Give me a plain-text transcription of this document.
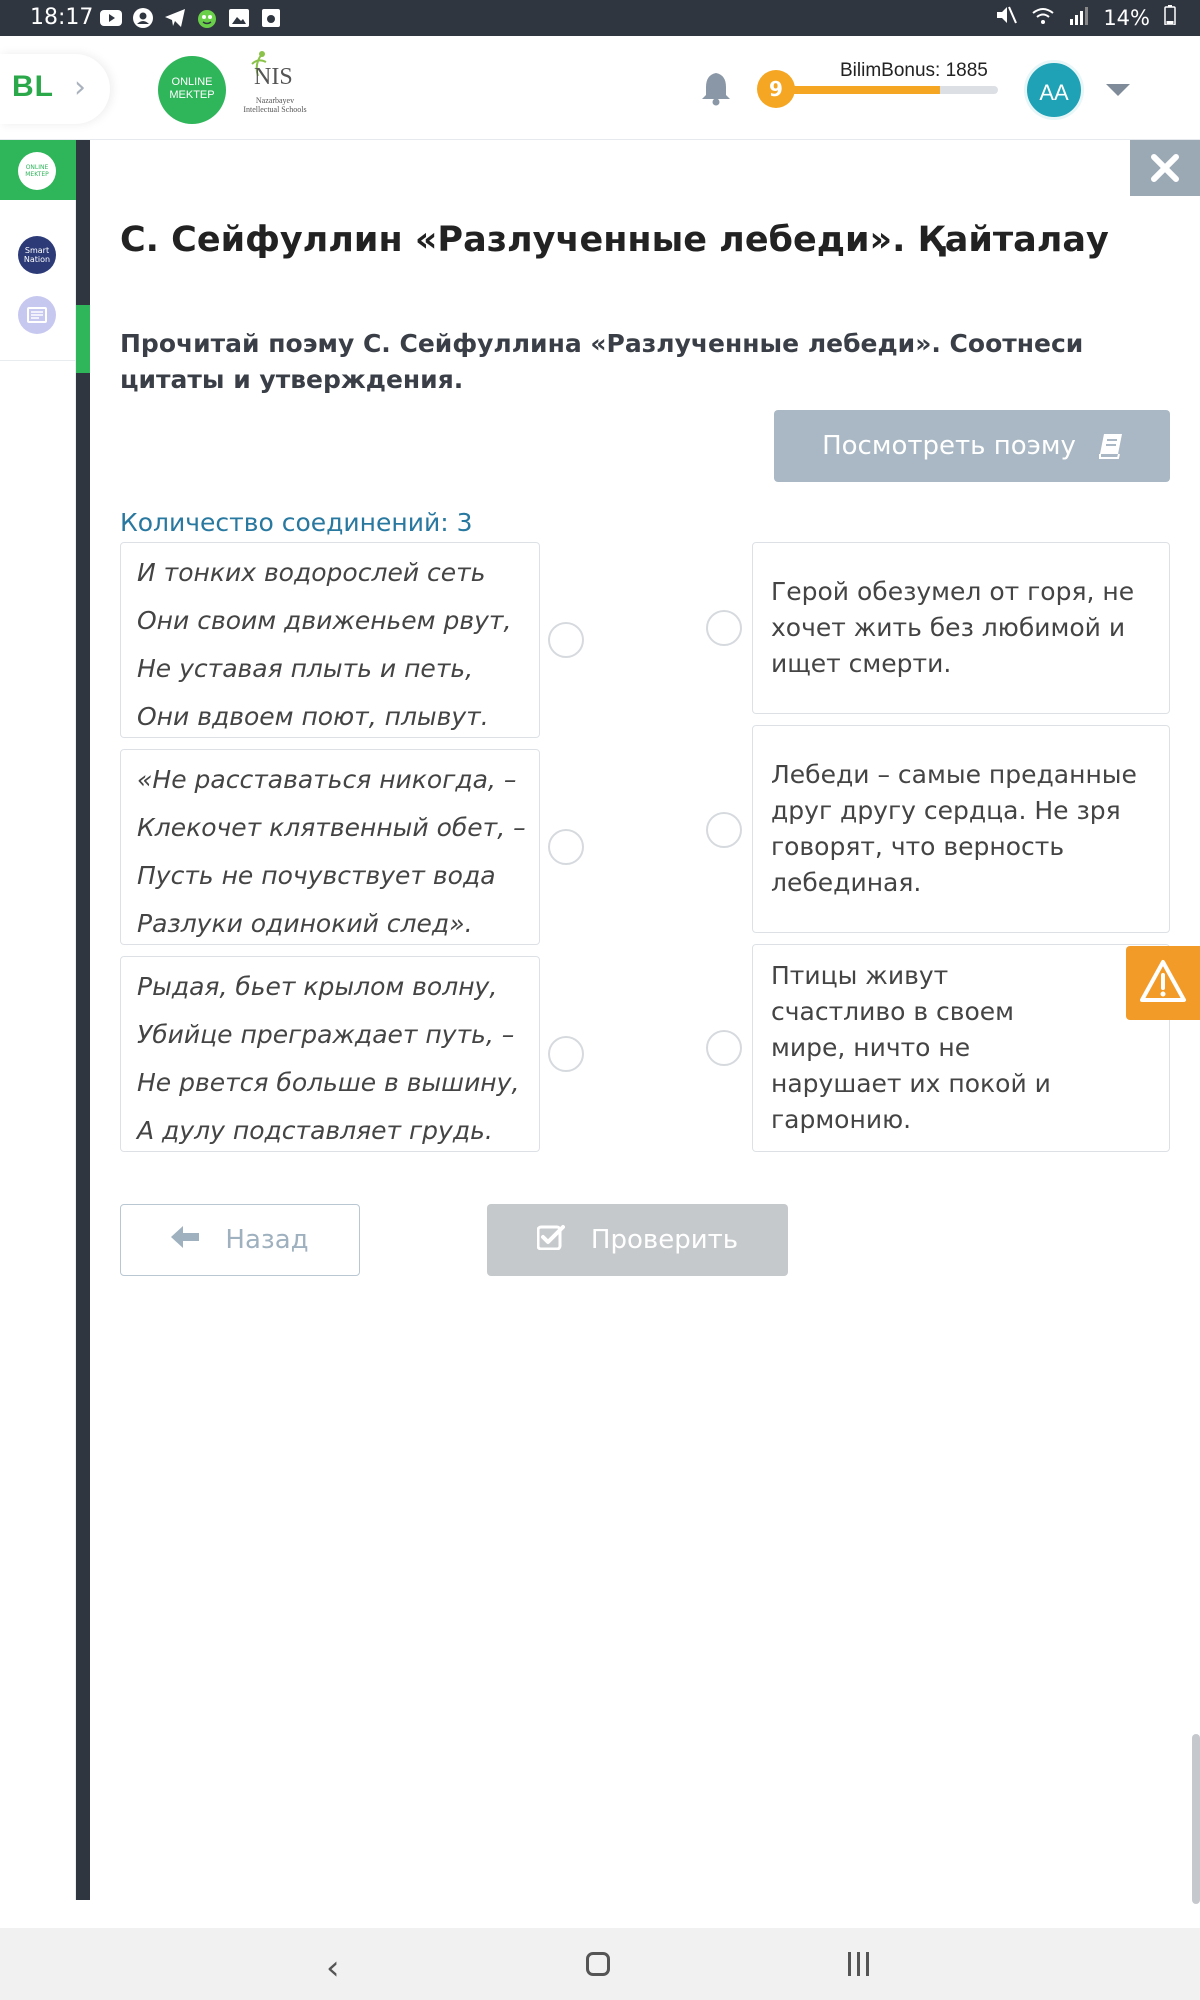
18:17	14%
BL ›	ONLINE MEKTEP
NIS
Nazarbayev Intellectual Schools
9
BilimBonus: 1885
AA
ONLINE MEKTEP
Smart Nation С. Сейфуллин «Разлученные лебеди». Қайталау

Прочитай поэму С. Сейфуллина «Разлученные лебеди». Соотнеси цитаты и утверждения.

Посмотреть поэму
Количество соединений: 3
И тонких водорослей сеть
Они своим движеньем рвут,
Не уставая плыть и петь,
Они вдвоем поют, плывут.
«Не расставаться никогда, –
Клекочет клятвенный обет, –
Пусть не почувствует вода
Разлуки одинокий след».
Рыдая, бьет крылом волну,
Убийце преграждает путь, –
Не рвется больше в вышину,
А дулу подставляет грудь.
Герой обезумел от горя, не хочет жить без любимой и ищет смерти.
Лебеди – самые преданные друг другу сердца. Не зря говорят, что верность лебединая.
Птицы живут счастливо в своем мире, ничто не нарушает их покой и гармонию.
Назад	Проверить
‹
